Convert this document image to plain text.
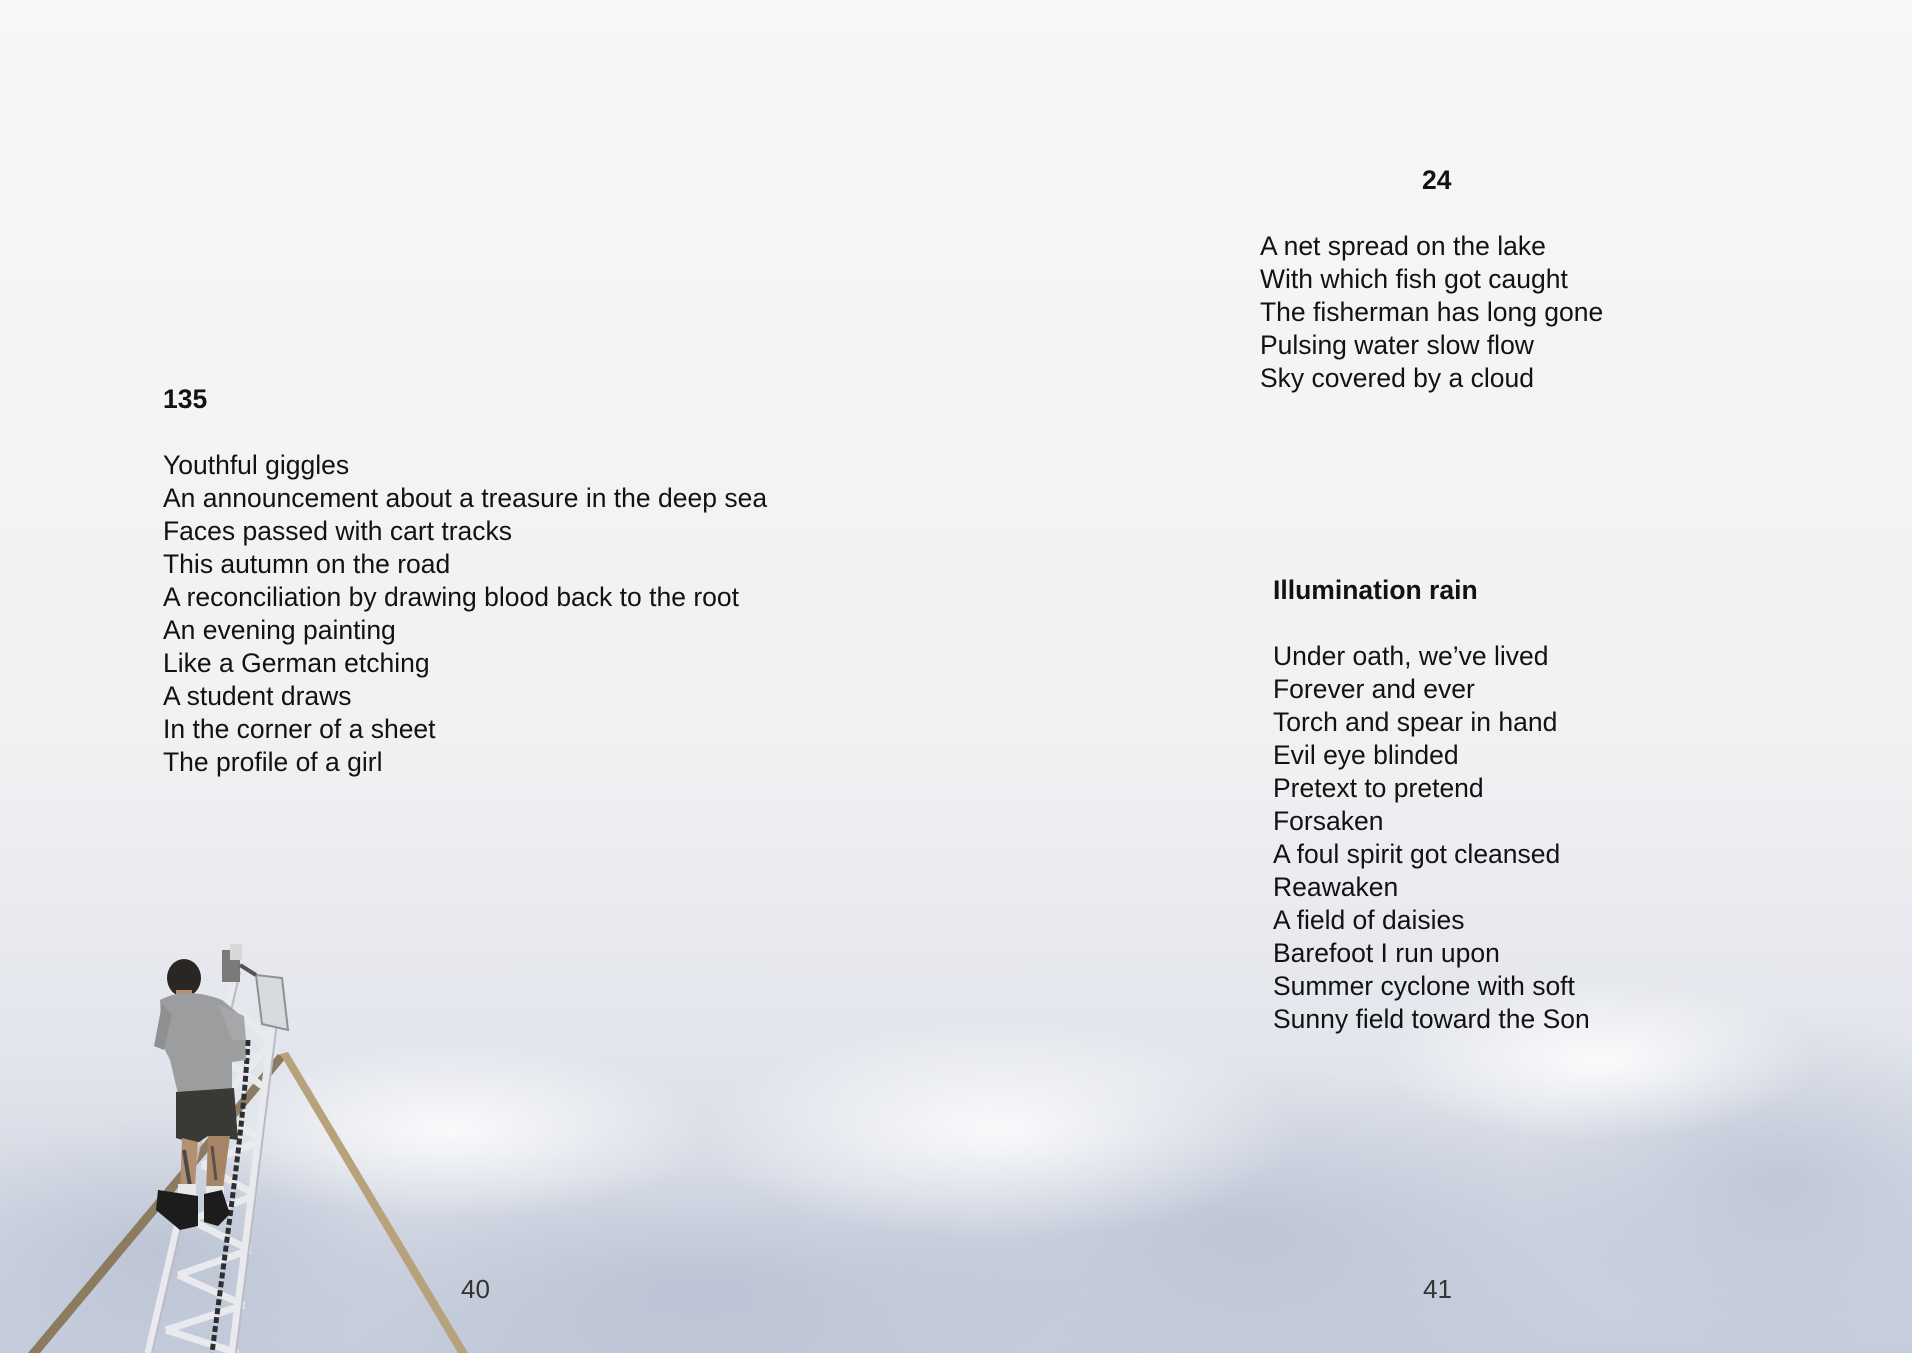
135

Youthful giggles

An announcement about a treasure in the deep sea

Faces passed with cart tracks

This autumn on the road

A reconciliation by drawing blood back to the root

An evening painting

Like a German etching

A student draws

In the corner of a sheet

The profile of a girl

24

A net spread on the lake

With which fish got caught

The fisherman has long gone

Pulsing water slow flow

Sky covered by a cloud

Illumination rain

Under oath, we’ve lived

Forever and ever

Torch and spear in hand

Evil eye blinded

Pretext to pretend

Forsaken

A foul spirit got cleansed

Reawaken

A field of daisies

Barefoot I run upon

Summer cyclone with soft

Sunny field toward the Son

40	41
